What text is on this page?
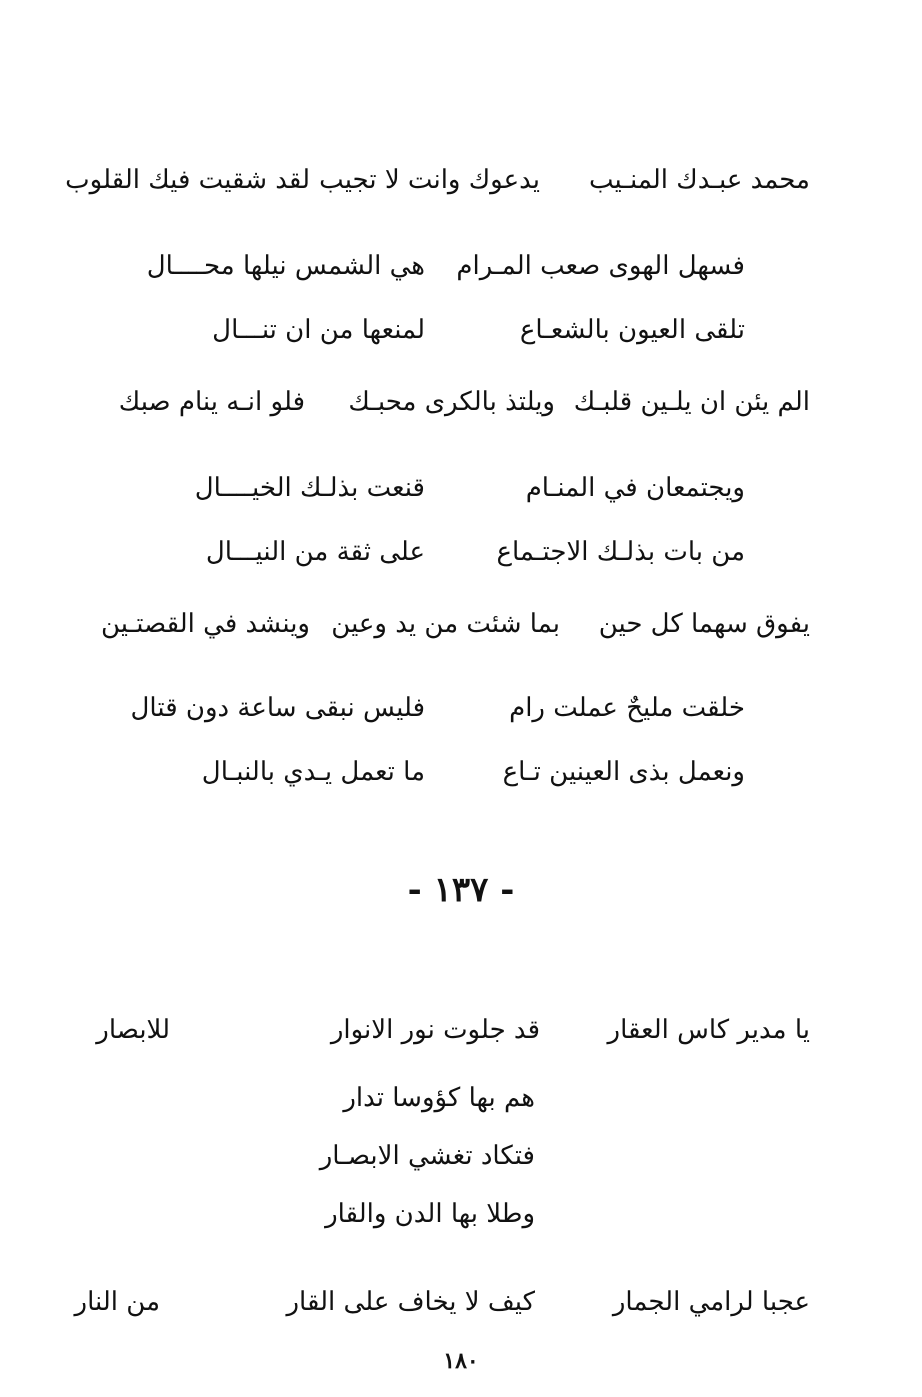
محمد عبـدك المنـيب
يدعوك وانت لا تجيب
لقد شقيت فيك القلوب
فسهل الهوى صعب المـرام
هي الشمس نيلها محــــال
تلقى العيون بالشعـاع
لمنعها من ان تنـــال
الم يئن ان يلـين قلبـك
ويلتذ بالكرى محبـك
فلو انـه ينام صبك
ويجتمعان في المنـام
قنعت بذلـك الخيــــال
من بات بذلـك الاجتـماع
على ثقة من النيـــال
يفوق سهما كل حين
بما شئت من يد وعين
وينشد في القصتـين
خلقت مليحٌ عملت رام
فليس نبقى ساعة دون قتال
ونعمل بذى العينين تـاع
ما تعمل يـدي بالنبـال
- ١٣٧ -
يا مدير كاس العقار
قد جلوت نور الانوار
للابصار
هم بها كؤوسا تدار
فتكاد تغشي الابصـار
وطلا بها الدن والقار
عجبا لرامي الجمار
كيف لا يخاف على القار
من النار
١٨٠
